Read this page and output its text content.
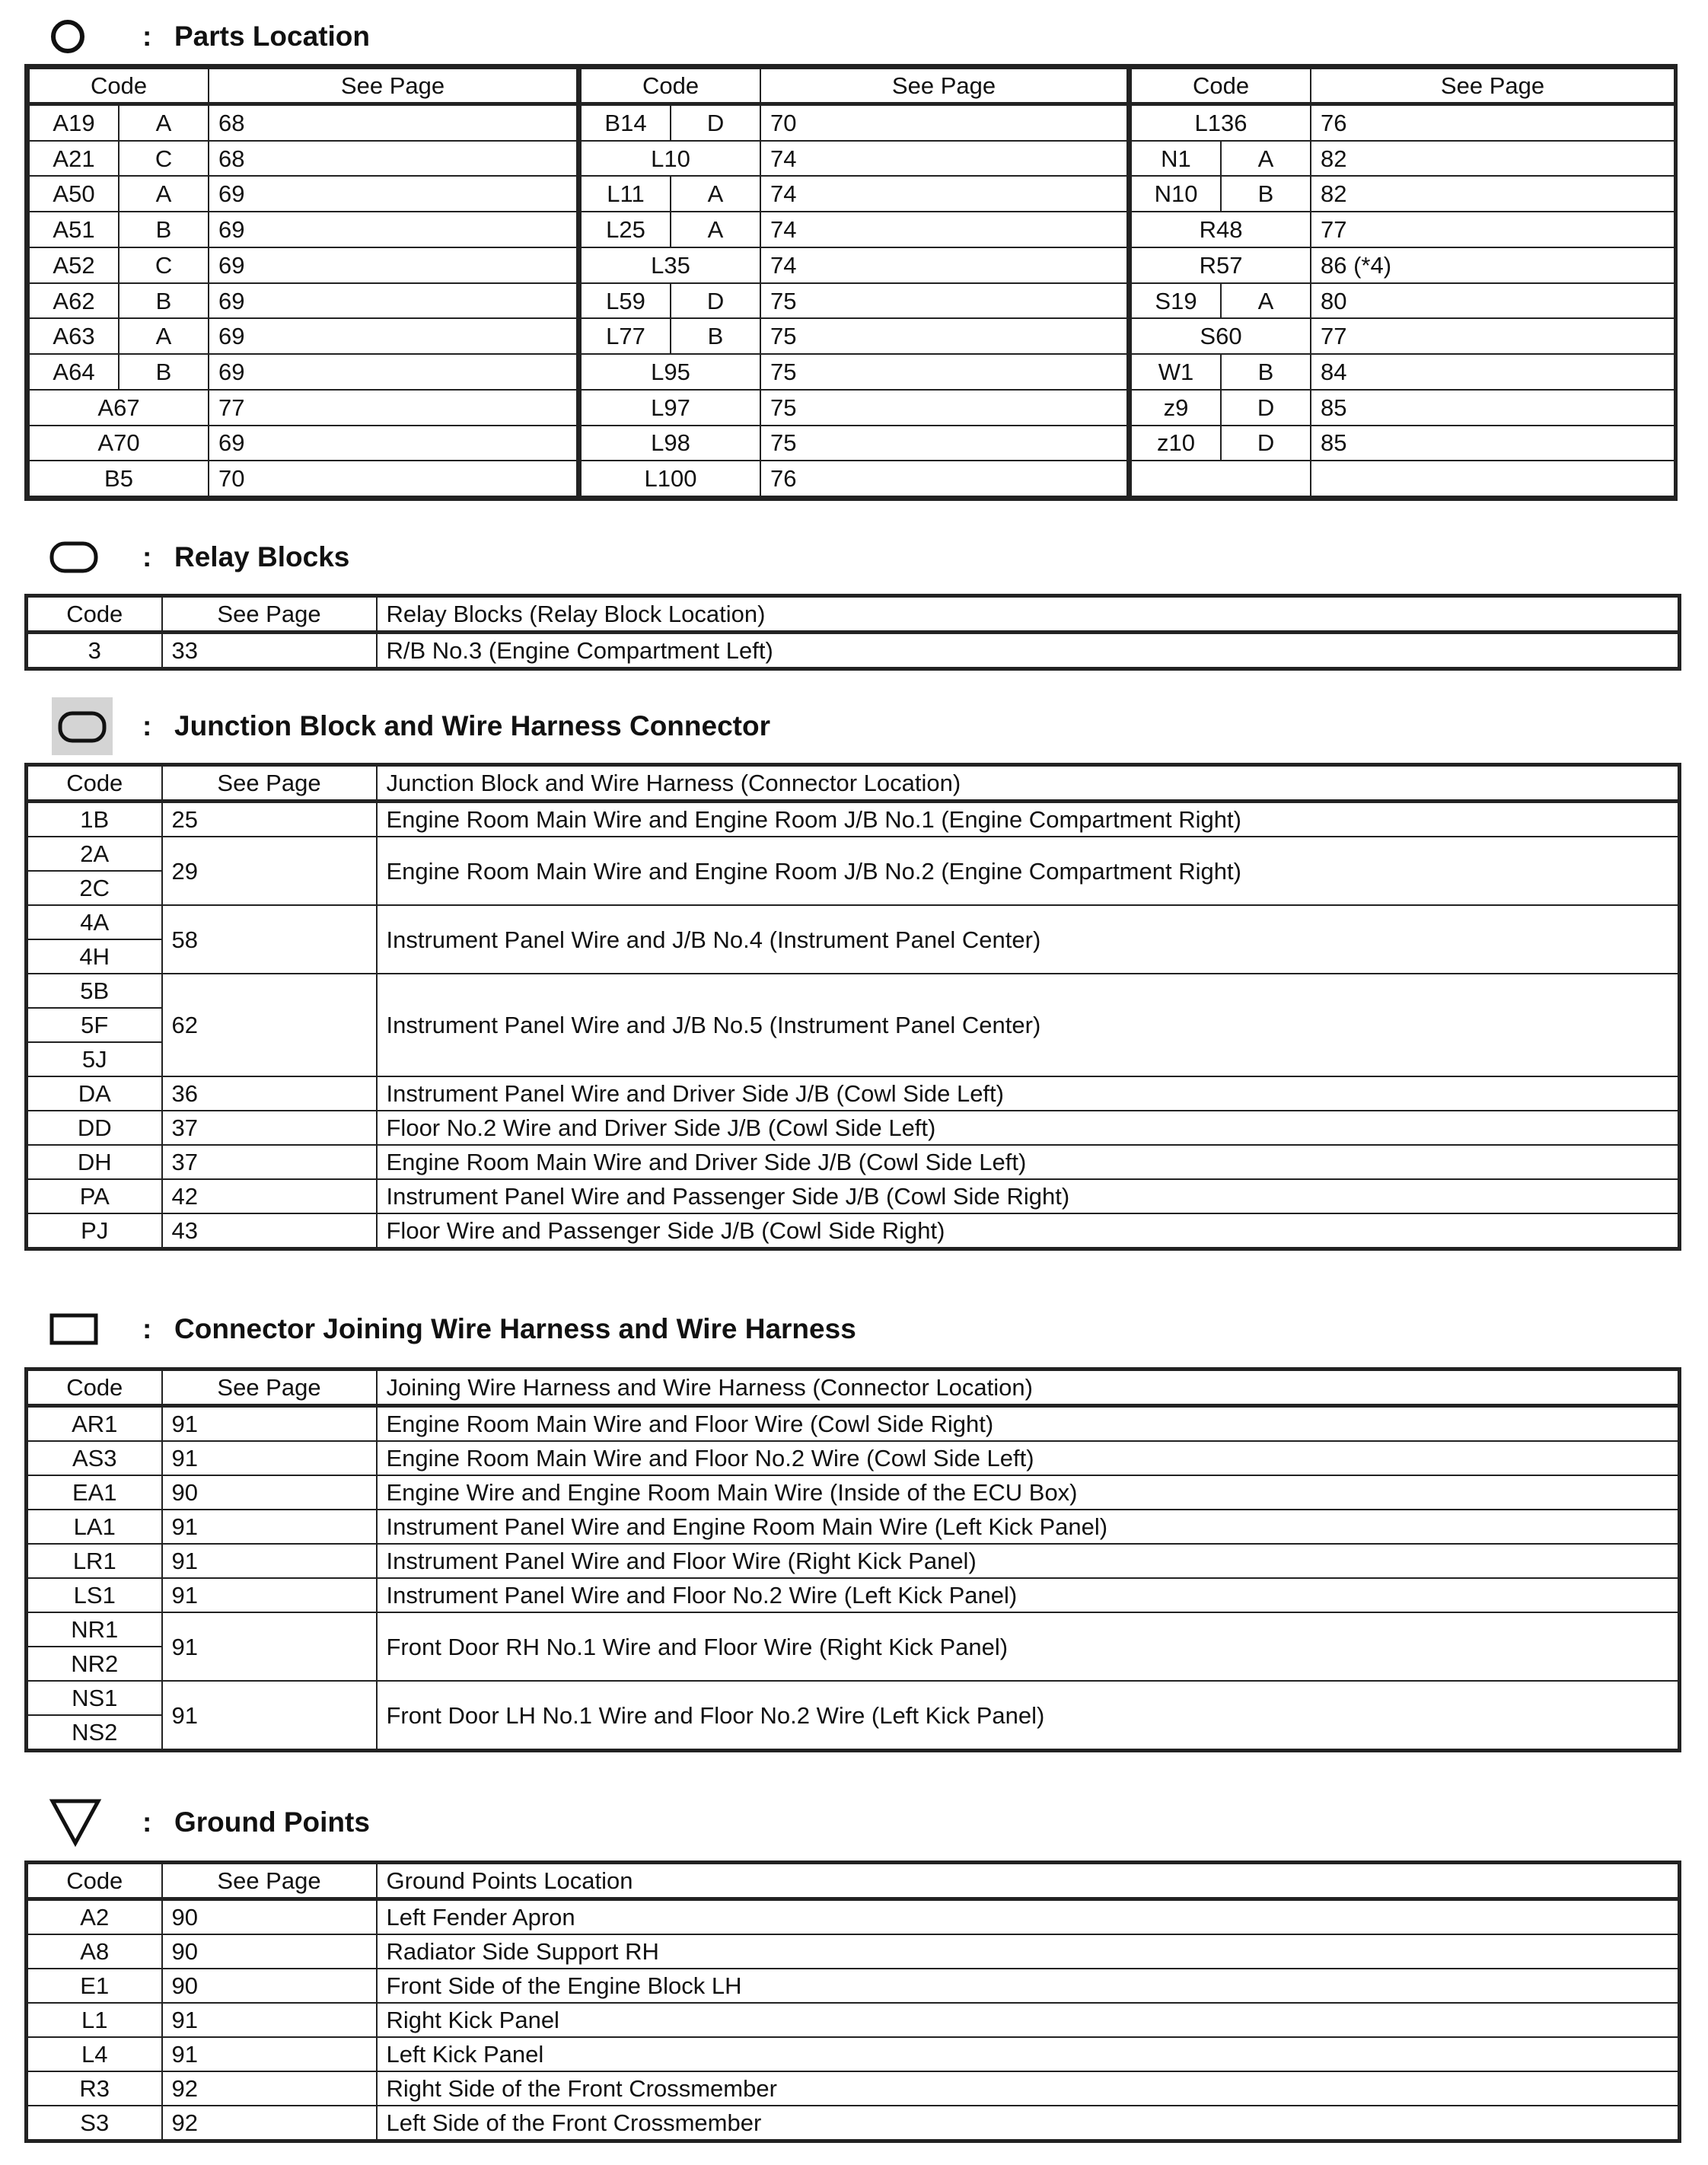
: Parts Location
Code		See Page
A19	A	68
A21	C	68
A50	A	69
A51	B	69
A52	C	69
A62	B	69
A63	A	69
A64	B	69
A67		77
A70		69
B5		70
Code		See Page
B14	D	70
L10		74
L11	A	74
L25	A	74
L35		74
L59	D	75
L77	B	75
L95		75
L97		75
L98		75
L100		76
Code		See Page
L136		76
N1	A	82
N10	B	82
R48		77
R57		86 (*4)
S19	A	80
S60		77
W1	B	84
z9	D	85
z10	D	85

: Relay Blocks
Code	See Page	Relay Blocks (Relay Block Location)
3	33	R/B No.3 (Engine Compartment Left)
: Junction Block and Wire Harness Connector
Code	See Page	Junction Block and Wire Harness (Connector Location)
1B	25	Engine Room Main Wire and Engine Room J/B No.1 (Engine Compartment Right)
2A	29	Engine Room Main Wire and Engine Room J/B No.2 (Engine Compartment Right)
2C		
4A	58	Instrument Panel Wire and J/B No.4 (Instrument Panel Center)
4H		
5B	62	Instrument Panel Wire and J/B No.5 (Instrument Panel Center)
5F		
5J		
DA	36	Instrument Panel Wire and Driver Side J/B (Cowl Side Left)
DD	37	Floor No.2 Wire and Driver Side J/B (Cowl Side Left)
DH	37	Engine Room Main Wire and Driver Side J/B (Cowl Side Left)
PA	42	Instrument Panel Wire and Passenger Side J/B (Cowl Side Right)
PJ	43	Floor Wire and Passenger Side J/B (Cowl Side Right)
: Connector Joining Wire Harness and Wire Harness
Code	See Page	Joining Wire Harness and Wire Harness (Connector Location)
AR1	91	Engine Room Main Wire and Floor Wire (Cowl Side Right)
AS3	91	Engine Room Main Wire and Floor No.2 Wire (Cowl Side Left)
EA1	90	Engine Wire and Engine Room Main Wire (Inside of the ECU Box)
LA1	91	Instrument Panel Wire and Engine Room Main Wire (Left Kick Panel)
LR1	91	Instrument Panel Wire and Floor Wire (Right Kick Panel)
LS1	91	Instrument Panel Wire and Floor No.2 Wire (Left Kick Panel)
NR1	91	Front Door RH No.1 Wire and Floor Wire (Right Kick Panel)
NR2		
NS1	91	Front Door LH No.1 Wire and Floor No.2 Wire (Left Kick Panel)
NS2		
: Ground Points
Code	See Page	Ground Points Location
A2	90	Left Fender Apron
A8	90	Radiator Side Support RH
E1	90	Front Side of the Engine Block LH
L1	91	Right Kick Panel
L4	91	Left Kick Panel
R3	92	Right Side of the Front Crossmember
S3	92	Left Side of the Front Crossmember
